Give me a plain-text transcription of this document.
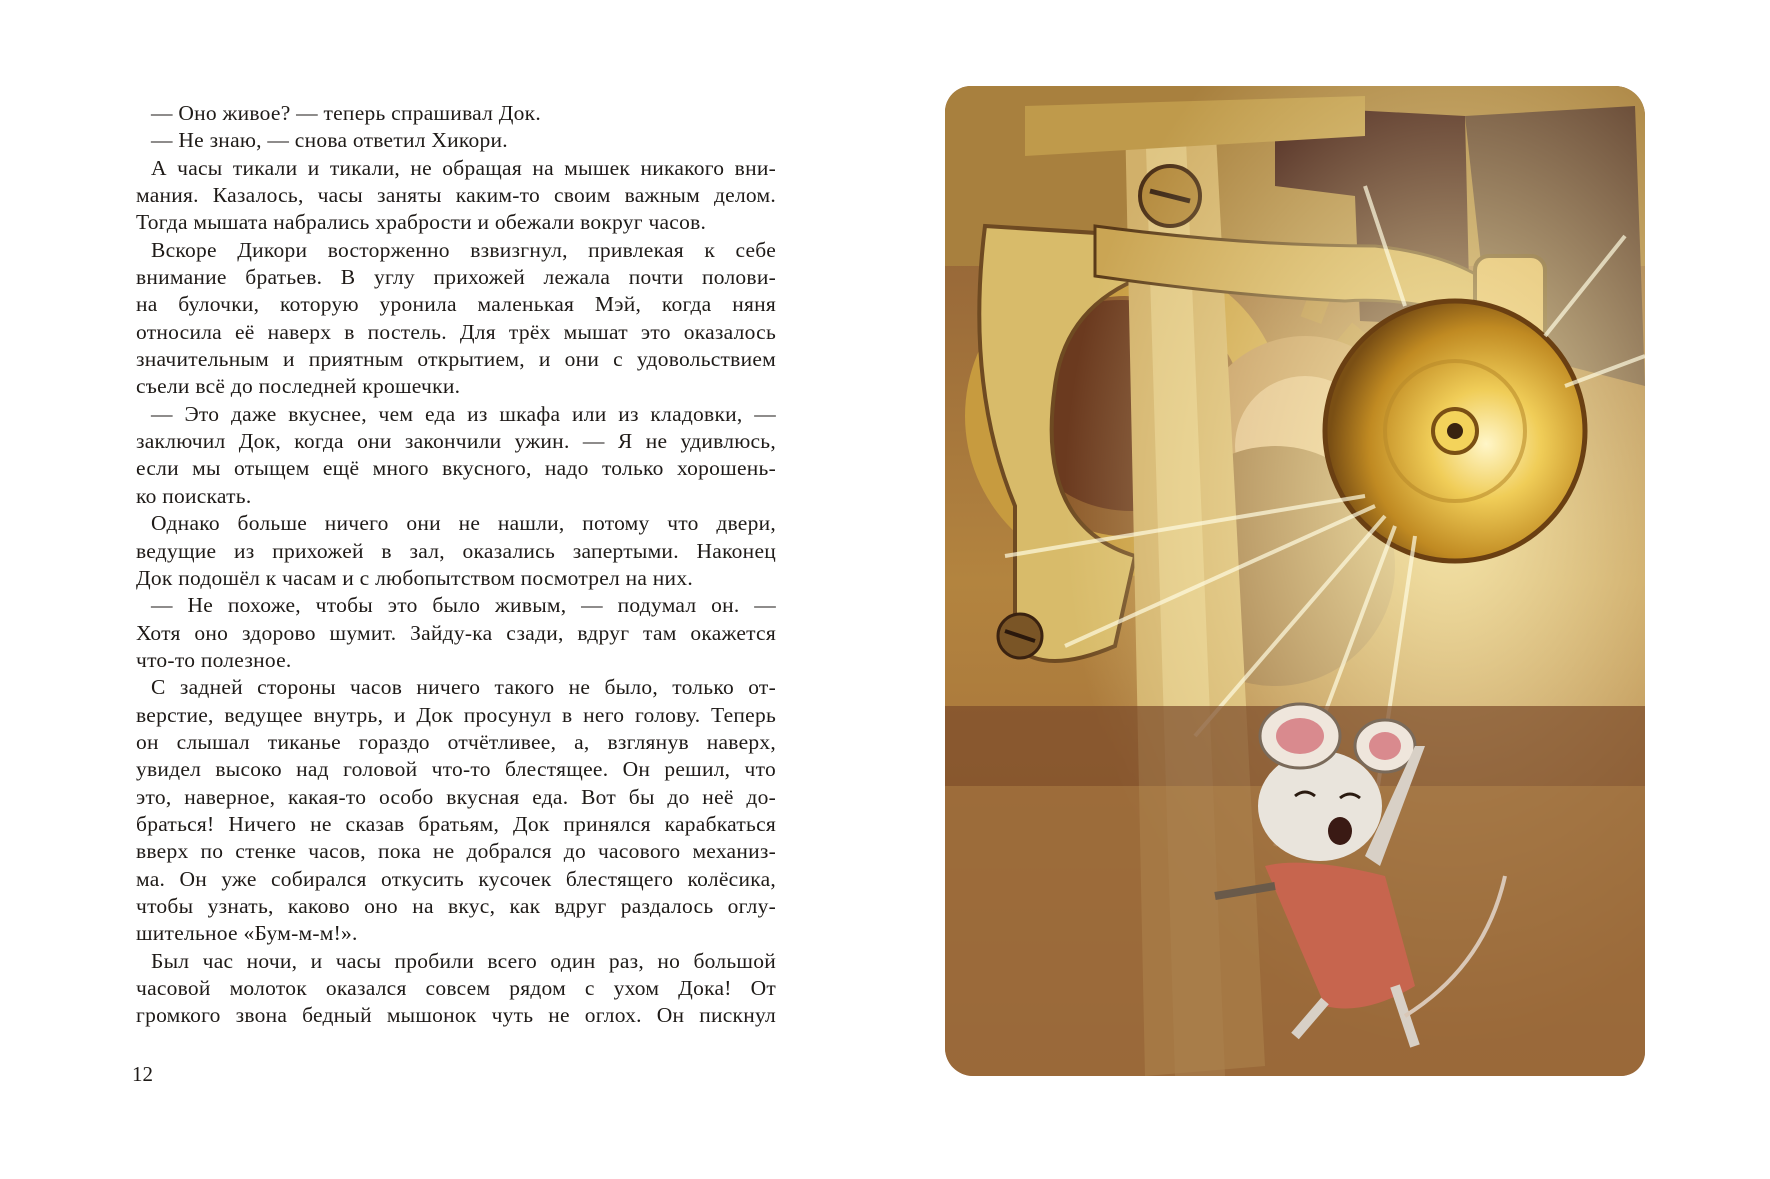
— Оно живое? — теперь спрашивал Док.
— Не знаю, — снова ответил Хикори.
А часы тикали и тикали, не обращая на мышек никакого вни-
мания. Казалось, часы заняты каким-то своим важным делом.
Тогда мышата набрались храбрости и обежали вокруг часов.
Вскоре Дикори восторженно взвизгнул, привлекая к себе
внимание братьев. В углу прихожей лежала почти полови-
на булочки, которую уронила маленькая Мэй, когда няня
относила её наверх в постель. Для трёх мышат это оказалось
значительным и приятным открытием, и они с удовольствием
съели всё до последней крошечки.
— Это даже вкуснее, чем еда из шкафа или из кладовки, —
заключил Док, когда они закончили ужин. — Я не удивлюсь,
если мы отыщем ещё много вкусного, надо только хорошень-
ко поискать.
Однако больше ничего они не нашли, потому что двери,
ведущие из прихожей в зал, оказались запертыми. Наконец
Док подошёл к часам и с любопытством посмотрел на них.
— Не похоже, чтобы это было живым, — подумал он. —
Хотя оно здорово шумит. Зайду-ка сзади, вдруг там окажется
что-то полезное.
С задней стороны часов ничего такого не было, только от-
верстие, ведущее внутрь, и Док просунул в него голову. Теперь
он слышал тиканье гораздо отчётливее, а, взглянув наверх,
увидел высоко над головой что-то блестящее. Он решил, что
это, наверное, какая-то особо вкусная еда. Вот бы до неё до-
браться! Ничего не сказав братьям, Док принялся карабкаться
вверх по стенке часов, пока не добрался до часового механиз-
ма. Он уже собирался откусить кусочек блестящего колёсика,
чтобы узнать, каково оно на вкус, как вдруг раздалось оглу-
шительное «Бум-м-м!».
Был час ночи, и часы пробили всего один раз, но большой
часовой молоток оказался совсем рядом с ухом Дока! От
громкого звона бедный мышонок чуть не оглох. Он пискнул
12
